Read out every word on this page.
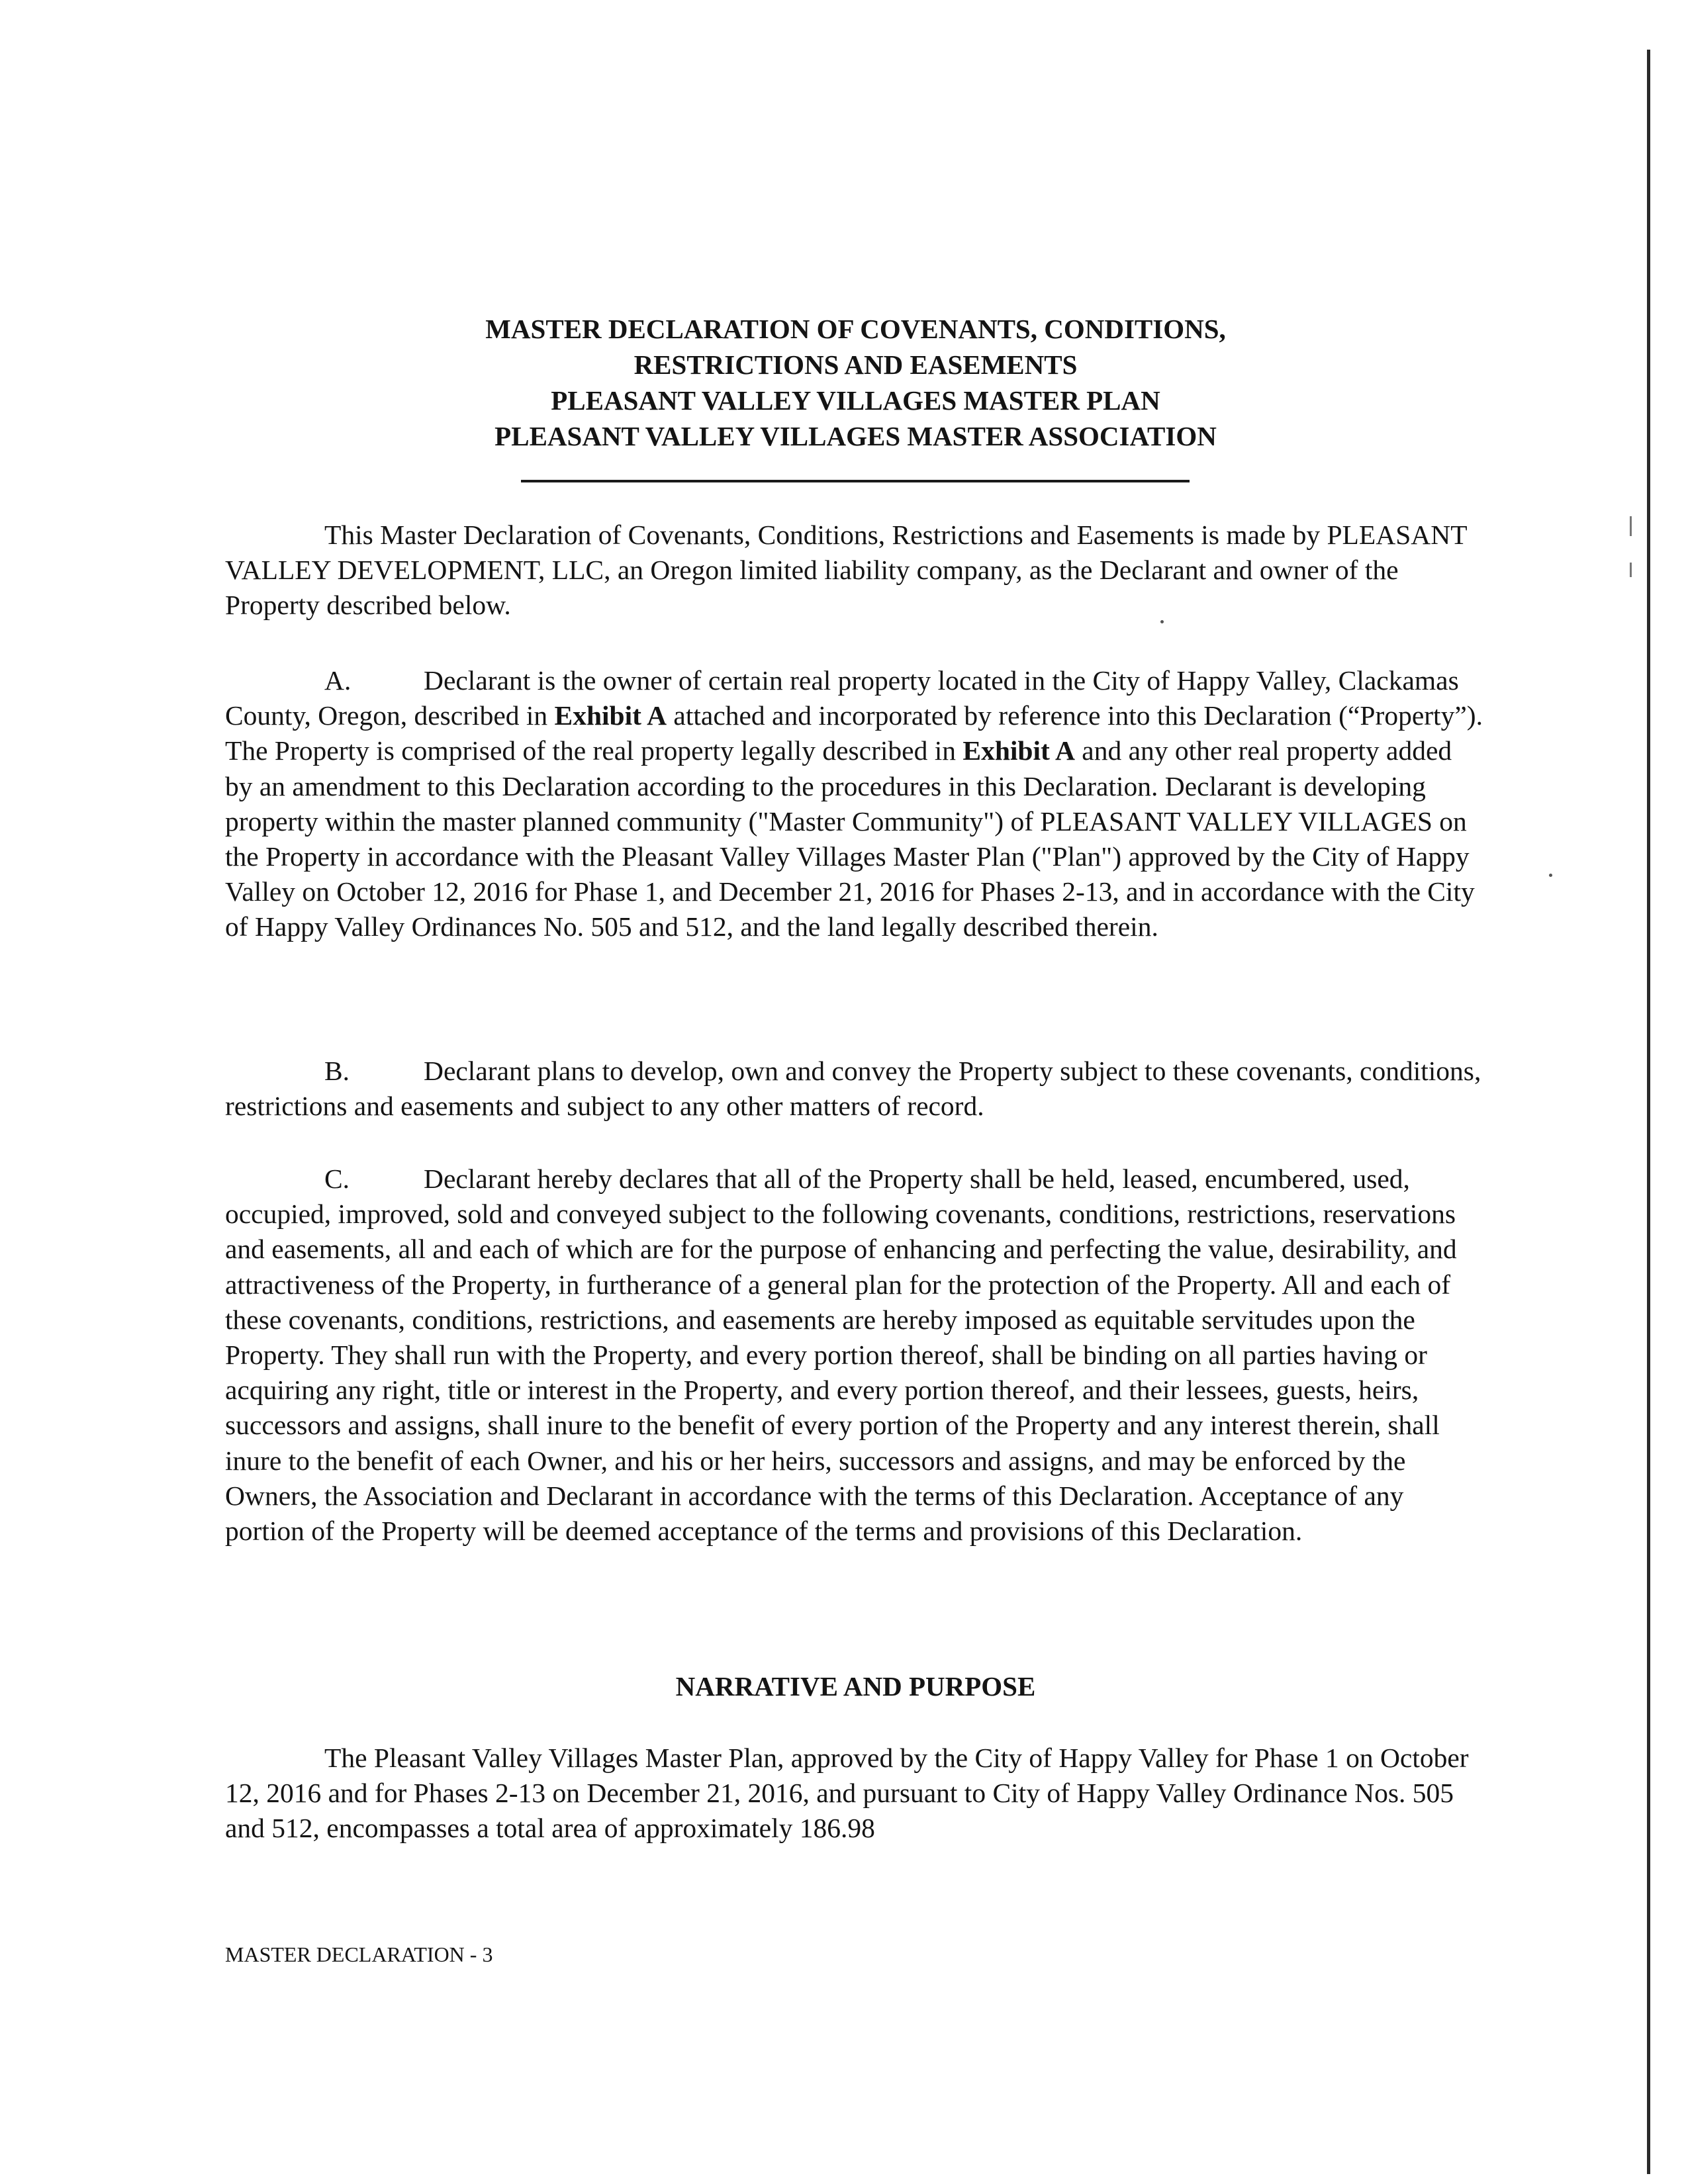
MASTER DECLARATION OF COVENANTS, CONDITIONS,
RESTRICTIONS AND EASEMENTS
PLEASANT VALLEY VILLAGES MASTER PLAN
PLEASANT VALLEY VILLAGES MASTER ASSOCIATION

This Master Declaration of Covenants, Conditions, Restrictions and Easements is made by PLEASANT VALLEY DEVELOPMENT, LLC, an Oregon limited liability company, as the Declarant and owner of the Property described below.

A.	Declarant is the owner of certain real property located in the City of Happy Valley, Clackamas County, Oregon, described in Exhibit A attached and incorporated by reference into this Declaration (“Property”). The Property is comprised of the real property legally described in Exhibit A and any other real property added by an amendment to this Declaration according to the procedures in this Declaration. Declarant is developing property within the master planned community ("Master Community") of PLEASANT VALLEY VILLAGES on the Property in accordance with the Pleasant Valley Villages Master Plan ("Plan") approved by the City of Happy Valley on October 12, 2016 for Phase 1, and December 21, 2016 for Phases 2-13, and in accordance with the City of Happy Valley Ordinances No. 505 and 512, and the land legally described therein.

B.	Declarant plans to develop, own and convey the Property subject to these covenants, conditions, restrictions and easements and subject to any other matters of record.

C.	Declarant hereby declares that all of the Property shall be held, leased, encumbered, used, occupied, improved, sold and conveyed subject to the following covenants, conditions, restrictions, reservations and easements, all and each of which are for the purpose of enhancing and perfecting the value, desirability, and attractiveness of the Property, in furtherance of a general plan for the protection of the Property. All and each of these covenants, conditions, restrictions, and easements are hereby imposed as equitable servitudes upon the Property. They shall run with the Property, and every portion thereof, shall be binding on all parties having or acquiring any right, title or interest in the Property, and every portion thereof, and their lessees, guests, heirs, successors and assigns, shall inure to the benefit of every portion of the Property and any interest therein, shall inure to the benefit of each Owner, and his or her heirs, successors and assigns, and may be enforced by the Owners, the Association and Declarant in accordance with the terms of this Declaration. Acceptance of any portion of the Property will be deemed acceptance of the terms and provisions of this Declaration.

NARRATIVE AND PURPOSE

The Pleasant Valley Villages Master Plan, approved by the City of Happy Valley for Phase 1 on October 12, 2016 and for Phases 2-13 on December 21, 2016, and pursuant to City of Happy Valley Ordinance Nos. 505 and 512, encompasses a total area of approximately 186.98

MASTER DECLARATION - 3
